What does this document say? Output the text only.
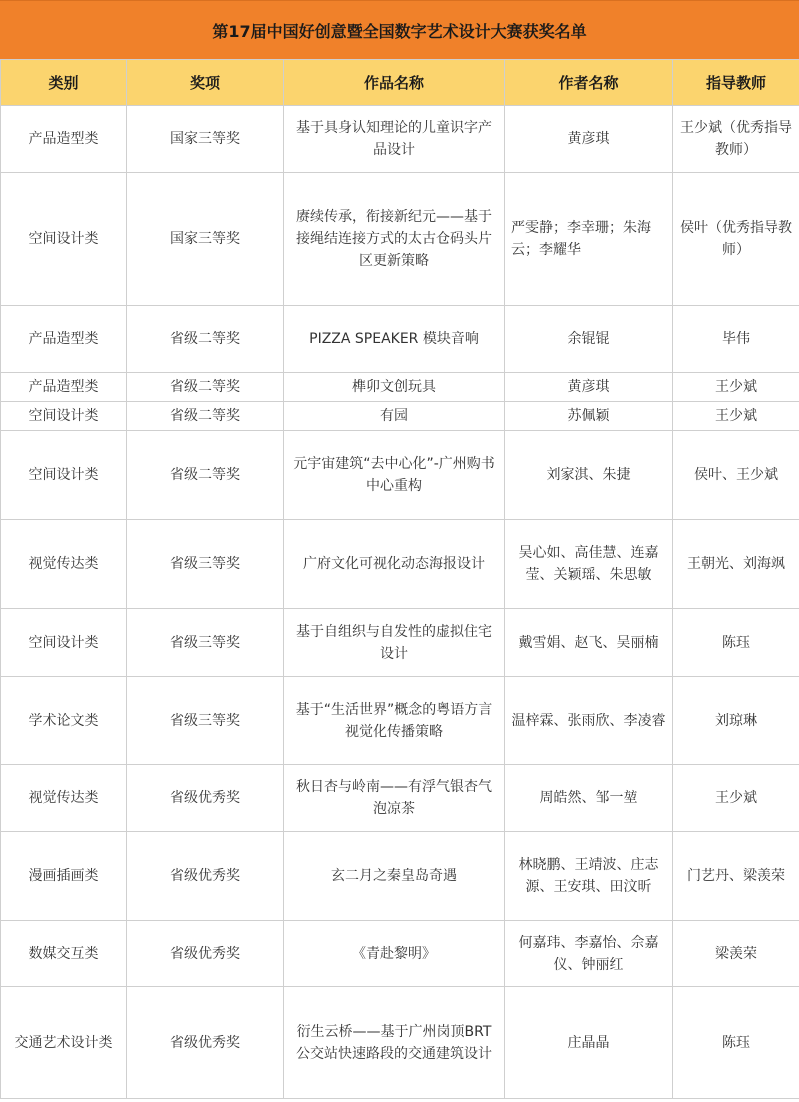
第17届中国好创意暨全国数字艺术设计大赛获奖名单
类别	奖项	作品名称	作者名称	指导教师
产品造型类	国家三等奖	基于具身认知理论的儿童识字产品设计	黄彦琪	王少斌（优秀指导教师）
空间设计类	国家三等奖	赓续传承，衔接新纪元——基于接绳结连接方式的太古仓码头片区更新策略	严雯静；李幸珊；朱海云；李耀华	侯叶（优秀指导教师）
产品造型类	省级二等奖	PIZZA SPEAKER 模块音响	余锟锟	毕伟
产品造型类	省级二等奖	榫卯文创玩具	黄彦琪	王少斌
空间设计类	省级二等奖	有园	苏佩颖	王少斌
空间设计类	省级二等奖	元宇宙建筑“去中心化”-广州购书中心重构	刘家淇、朱捷	侯叶、王少斌
视觉传达类	省级三等奖	广府文化可视化动态海报设计	吴心如、高佳慧、连嘉莹、关颖瑶、朱思敏	王朝光、刘海飒
空间设计类	省级三等奖	基于自组织与自发性的虚拟住宅设计	戴雪娟、赵飞、吴丽楠	陈珏
学术论文类	省级三等奖	基于“生活世界”概念的粤语方言视觉化传播策略	温梓霖、张雨欣、李凌睿	刘琼琳
视觉传达类	省级优秀奖	秋日杏与岭南——有浮气银杏气泡凉茶	周皓然、邹一堃	王少斌
漫画插画类	省级优秀奖	玄二月之秦皇岛奇遇	林晓鹏、王靖波、庄志源、王安琪、田汶昕	门艺丹、梁羡荣
数媒交互类	省级优秀奖	《青赴黎明》	何嘉玮、李嘉怡、佘嘉仪、钟丽红	梁羡荣
交通艺术设计类	省级优秀奖	衍生云桥——基于广州岗顶BRT公交站快速路段的交通建筑设计	庄晶晶	陈珏
